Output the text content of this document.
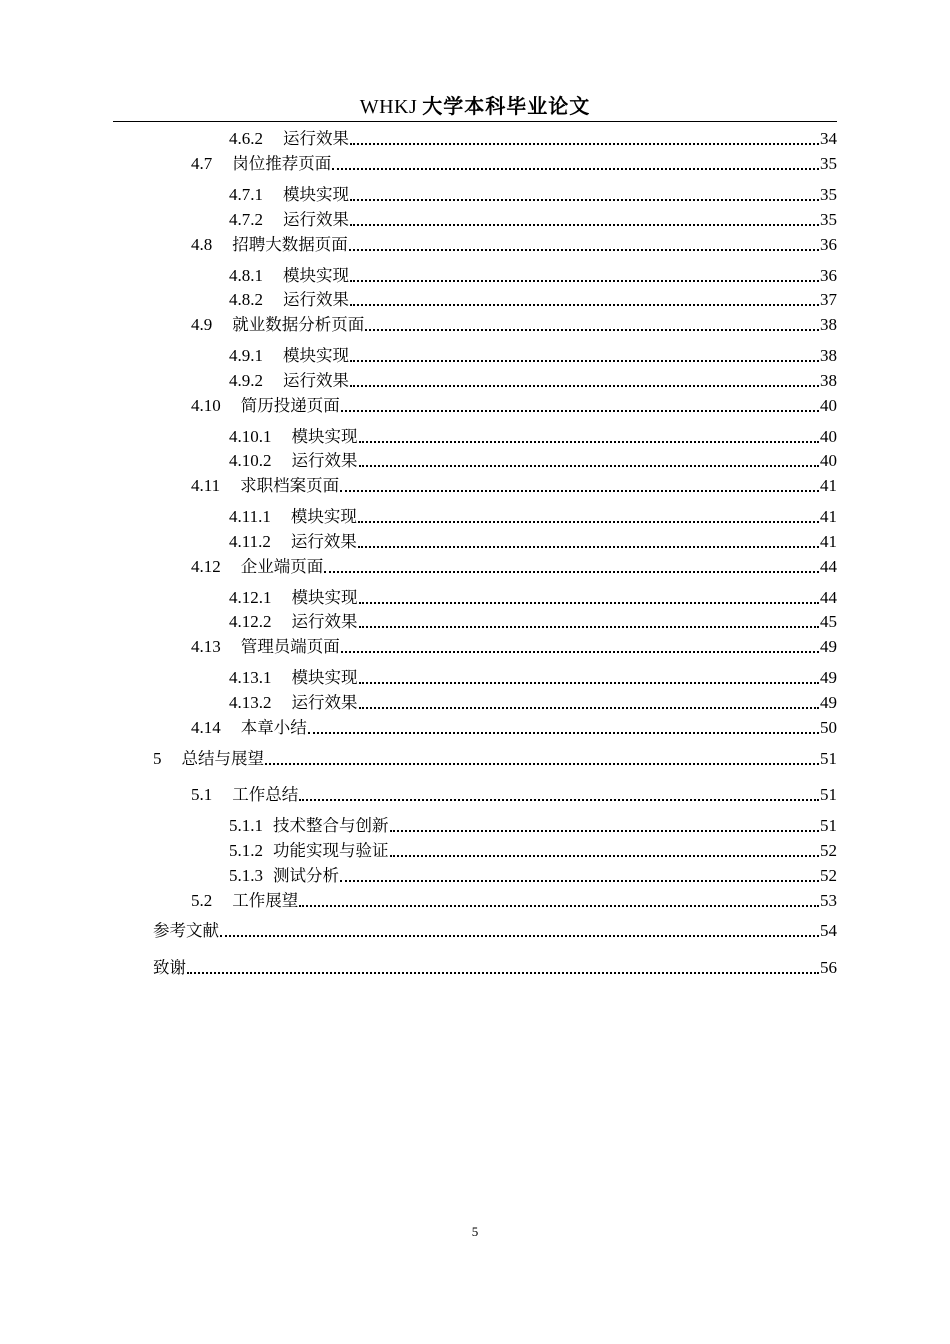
WHKJ 大学本科毕业论文
4.6.2 运行效果	34
4.7 岗位推荐页面	35
4.7.1 模块实现	35
4.7.2 运行效果	35
4.8 招聘大数据页面	36
4.8.1 模块实现	36
4.8.2 运行效果	37
4.9 就业数据分析页面	38
4.9.1 模块实现	38
4.9.2 运行效果	38
4.10 简历投递页面	40
4.10.1 模块实现	40
4.10.2 运行效果	40
4.11 求职档案页面	41
4.11.1 模块实现	41
4.11.2 运行效果	41
4.12 企业端页面	44
4.12.1 模块实现	44
4.12.2 运行效果	45
4.13 管理员端页面	49
4.13.1 模块实现	49
4.13.2 运行效果	49
4.14 本章小结	50
5 总结与展望	51
5.1 工作总结	51
5.1.1 技术整合与创新	51
5.1.2 功能实现与验证	52
5.1.3 测试分析	52
5.2 工作展望	53
参考文献	54
致谢	56
5
